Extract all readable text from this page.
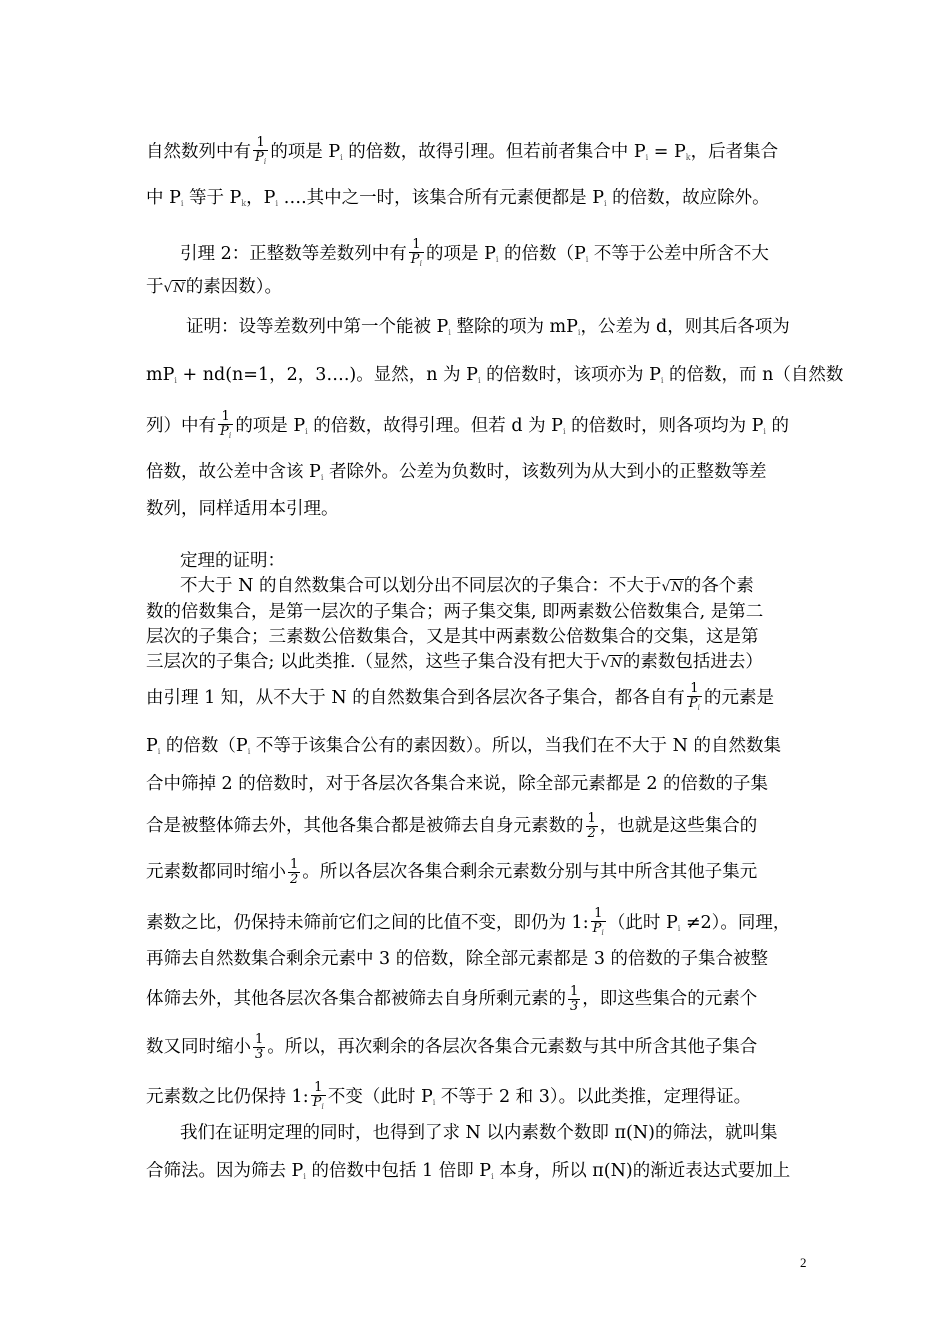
自然数列中有 $\frac{1}{P_i}$ 的项是 $P_i$ 的倍数，故得引理。但若前者集合中 $P_i = P_k$，后者集合
中 $P_i$ 等于 $P_k$，$P_i$ ….其中之一时，该集合所有元素便都是 $P_i$ 的倍数，故应除外。
引理 2：正整数等差数列中有 $\frac{1}{P_i}$ 的项是 $P_i$ 的倍数（$P_i$ 不等于公差中所含不大
于√N的素因数）。
证明：设等差数列中第一个能被 $P_i$ 整除的项为 $mP_i$，公差为 d，则其后各项为
$mP_i + nd(n=1$，2，3….)。显然，n 为 $P_i$ 的倍数时，该项亦为 $P_i$ 的倍数，而 n（自然数
列）中有 $\frac{1}{P_i}$ 的项是 $P_i$ 的倍数，故得引理。但若 d 为 $P_i$ 的倍数时，则各项均为 $P_i$ 的
倍数，故公差中含该 $P_i$ 者除外。公差为负数时，该数列为从大到小的正整数等差
数列，同样适用本引理。
定理的证明：
不大于 N 的自然数集合可以划分出不同层次的子集合：不大于√N的各个素
数的倍数集合，是第一层次的子集合；两子集交集, 即两素数公倍数集合, 是第二
层次的子集合；三素数公倍数集合，又是其中两素数公倍数集合的交集，这是第
三层次的子集合; 以此类推.（显然，这些子集合没有把大于√N的素数包括进去）
由引理 1 知，从不大于 N 的自然数集合到各层次各子集合，都各自有 $\frac{1}{P_i}$ 的元素是
$P_i$ 的倍数（$P_i$ 不等于该集合公有的素因数）。所以，当我们在不大于 N 的自然数集
合中筛掉 2 的倍数时，对于各层次各集合来说，除全部元素都是 2 的倍数的子集
合是被整体筛去外，其他各集合都是被筛去自身元素数的 $\frac{1}{2}$ ，也就是这些集合的
元素数都同时缩小 $\frac{1}{2}$ 。所以各层次各集合剩余元素数分别与其中所含其他子集元
素数之比，仍保持未筛前它们之间的比值不变，即仍为 1: $\frac{1}{P_i}$ （此时 $P_i \ne 2$）。同理，
再筛去自然数集合剩余元素中 3 的倍数，除全部元素都是 3 的倍数的子集合被整
体筛去外，其他各层次各集合都被筛去自身所剩元素的 $\frac{1}{3}$ ，即这些集合的元素个
数又同时缩小 $\frac{1}{3}$ 。所以，再次剩余的各层次各集合元素数与其中所含其他子集合
元素数之比仍保持 1: $\frac{1}{P_i}$ 不变（此时 $P_i$ 不等于 2 和 3）。以此类推，定理得证。
我们在证明定理的同时，也得到了求 N 以内素数个数即 π(N)的筛法，就叫集
合筛法。因为筛去 $P_i$ 的倍数中包括 1 倍即 $P_i$ 本身，所以 π(N)的渐近表达式要加上
2
